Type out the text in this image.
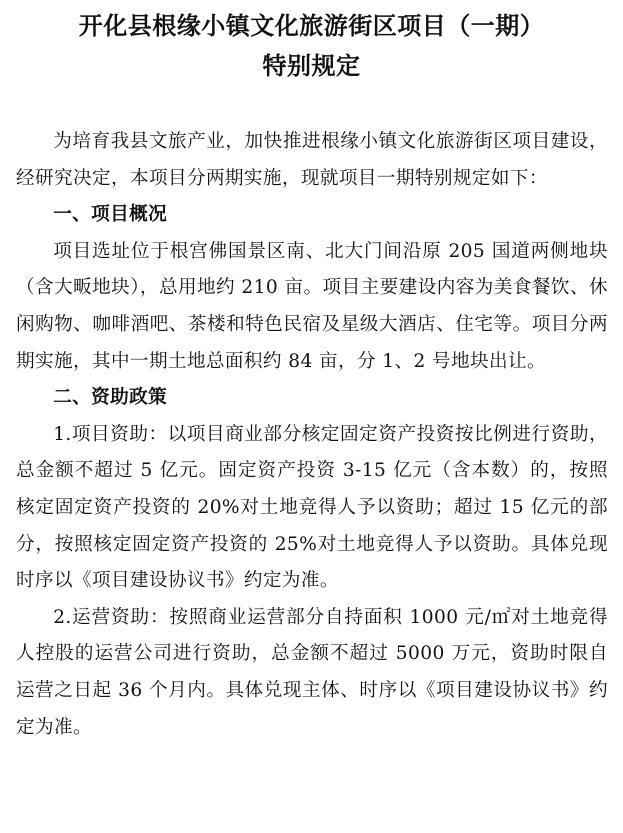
开化县根缘小镇文化旅游街区项目（一期）
特别规定

为培育我县文旅产业，加快推进根缘小镇文化旅游街区项目建设，经研究决定，本项目分两期实施，现就项目一期特别规定如下：

一、项目概况

项目选址位于根宫佛国景区南、北大门间沿原 205 国道两侧地块（含大畈地块），总用地约 210 亩。项目主要建设内容为美食餐饮、休闲购物、咖啡酒吧、茶楼和特色民宿及星级大酒店、住宅等。项目分两期实施，其中一期土地总面积约 84 亩，分 1、2 号地块出让。

二、资助政策

1.项目资助：以项目商业部分核定固定资产投资按比例进行资助，总金额不超过 5 亿元。固定资产投资 3-15 亿元（含本数）的，按照核定固定资产投资的 20%对土地竞得人予以资助；超过 15 亿元的部分，按照核定固定资产投资的 25%对土地竞得人予以资助。具体兑现时序以《项目建设协议书》约定为准。

2.运营资助：按照商业运营部分自持面积 1000 元/㎡对土地竞得人控股的运营公司进行资助，总金额不超过 5000 万元，资助时限自运营之日起 36 个月内。具体兑现主体、时序以《项目建设协议书》约定为准。
